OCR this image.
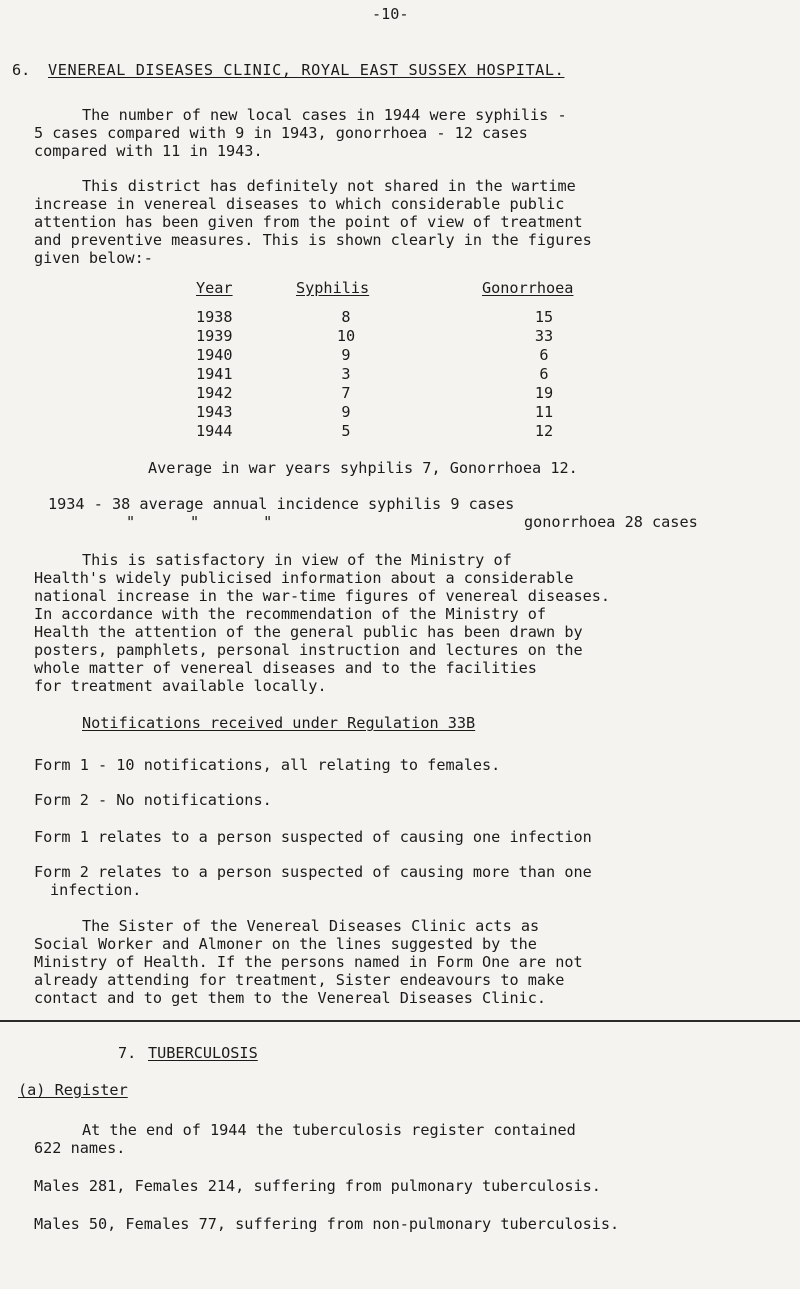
-10-
6. VENEREAL DISEASES CLINIC, ROYAL EAST SUSSEX HOSPITAL.
The number of new local cases in 1944 were syphilis -
5 cases compared with 9 in 1943, gonorrhoea - 12 cases
compared with 11 in 1943.
This district has definitely not shared in the wartime
increase in venereal diseases to which considerable public
attention has been given from the point of view of treatment
and preventive measures. This is shown clearly in the figures
given below:-
Year	Syphilis	Gonorrhoea
1938	8	15
1939	10	33
1940	9	6
1941	3	6
1942	7	19
1943	9	11
1944	5	12
Average in war years syhpilis 7, Gonorrhoea 12.
1934 - 38 average annual incidence syphilis 9 cases
"      "       "	gonorrhoea 28 cases
This is satisfactory in view of the Ministry of
Health's widely publicised information about a considerable
national increase in the war-time figures of venereal diseases.
In accordance with the recommendation of the Ministry of
Health the attention of the general public has been drawn by
posters, pamphlets, personal instruction and lectures on the
whole matter of venereal diseases and to the facilities
for treatment available locally.
Notifications received under Regulation 33B
Form 1 - 10 notifications, all relating to females.
Form 2 - No notifications.
Form 1 relates to a person suspected of causing one infection
Form 2 relates to a person suspected of causing more than one
infection.
The Sister of the Venereal Diseases Clinic acts as
Social Worker and Almoner on the lines suggested by the
Ministry of Health. If the persons named in Form One are not
already attending for treatment, Sister endeavours to make
contact and to get them to the Venereal Diseases Clinic.
7. TUBERCULOSIS
(a) Register
At the end of 1944 the tuberculosis register contained
622 names.
Males 281, Females 214, suffering from pulmonary tuberculosis.
Males 50, Females 77, suffering from non-pulmonary tuberculosis.
